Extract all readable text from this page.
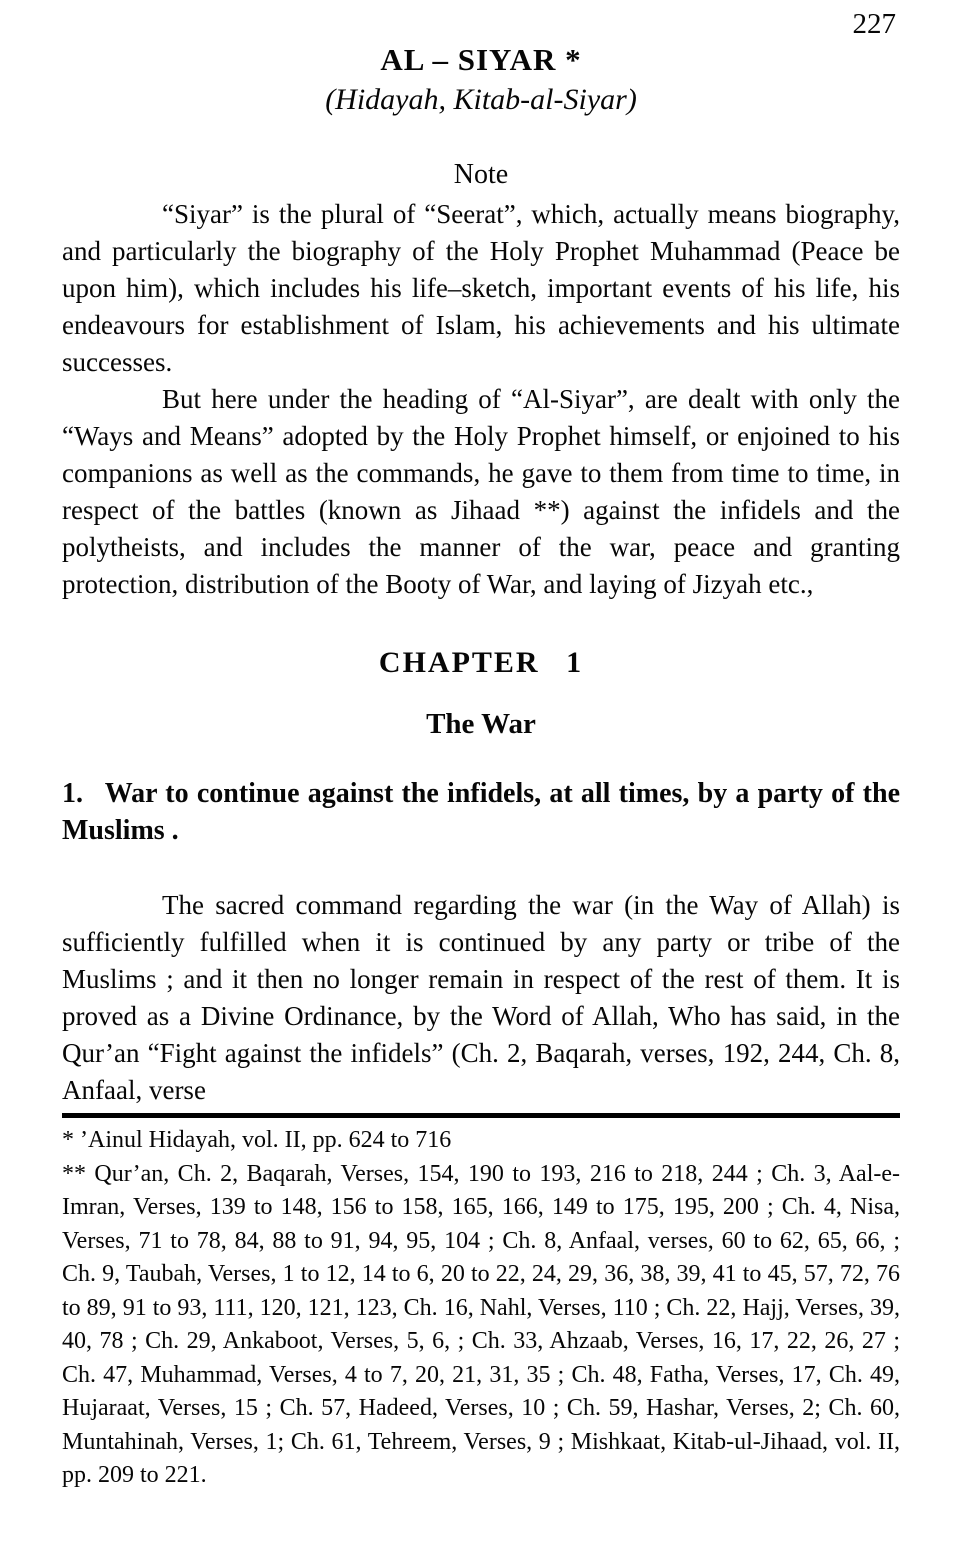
227
AL – SIYAR *
(Hidayah, Kitab-al-Siyar)
Note

“Siyar” is the plural of “Seerat”, which, actually means biography, and particularly the biography of the Holy Prophet Muhammad (Peace be upon him), which includes his life–sketch, important events of his life, his endeavours for establishment of Islam, his achievements and his ultimate successes.

But here under the heading of “Al-Siyar”, are dealt with only the “Ways and Means” adopted by the Holy Prophet himself, or enjoined to his companions as well as the commands, he gave to them from time to time, in respect of the battles (known as Jihaad **) against the infidels and the polytheists, and includes the manner of the war, peace and granting protection, distribution of the Booty of War, and laying of Jizyah etc.,

CHAPTER  1
The War
1.  War to continue against the infidels, at all times, by a party of the Muslims .

The sacred command regarding the war (in the Way of Allah) is sufficiently fulfilled when it is continued by any party or tribe of the Muslims ; and it then no longer remain in respect of the rest of them. It is proved as a Divine Ordinance, by the Word of Allah, Who has said, in the Qur’an “Fight against the infidels” (Ch. 2, Baqarah, verses, 192, 244, Ch. 8, Anfaal, verse

* ’Ainul Hidayah, vol. II, pp. 624 to 716

** Qur’an, Ch. 2, Baqarah, Verses, 154, 190 to 193, 216 to 218, 244 ; Ch. 3, Aal-e-Imran, Verses, 139 to 148, 156 to 158, 165, 166, 149 to 175, 195, 200 ; Ch. 4, Nisa, Verses, 71 to 78, 84, 88 to 91, 94, 95, 104 ; Ch. 8, Anfaal, verses, 60 to 62, 65, 66, ; Ch. 9, Taubah, Verses, 1 to 12, 14 to 6, 20 to 22, 24, 29, 36, 38, 39, 41 to 45, 57, 72, 76 to 89, 91 to 93, 111, 120, 121, 123, Ch. 16, Nahl, Verses, 110 ; Ch. 22, Hajj, Verses, 39, 40, 78 ; Ch. 29, Ankaboot, Verses, 5, 6, ; Ch. 33, Ahzaab, Verses, 16, 17, 22, 26, 27 ; Ch. 47, Muhammad, Verses, 4 to 7, 20, 21, 31, 35 ; Ch. 48, Fatha, Verses, 17, Ch. 49, Hujaraat, Verses, 15 ; Ch. 57, Hadeed, Verses, 10 ; Ch. 59, Hashar, Verses, 2; Ch. 60, Muntahinah, Verses, 1; Ch. 61, Tehreem, Verses, 9 ; Mishkaat, Kitab-ul-Jihaad, vol. II, pp. 209 to 221.
